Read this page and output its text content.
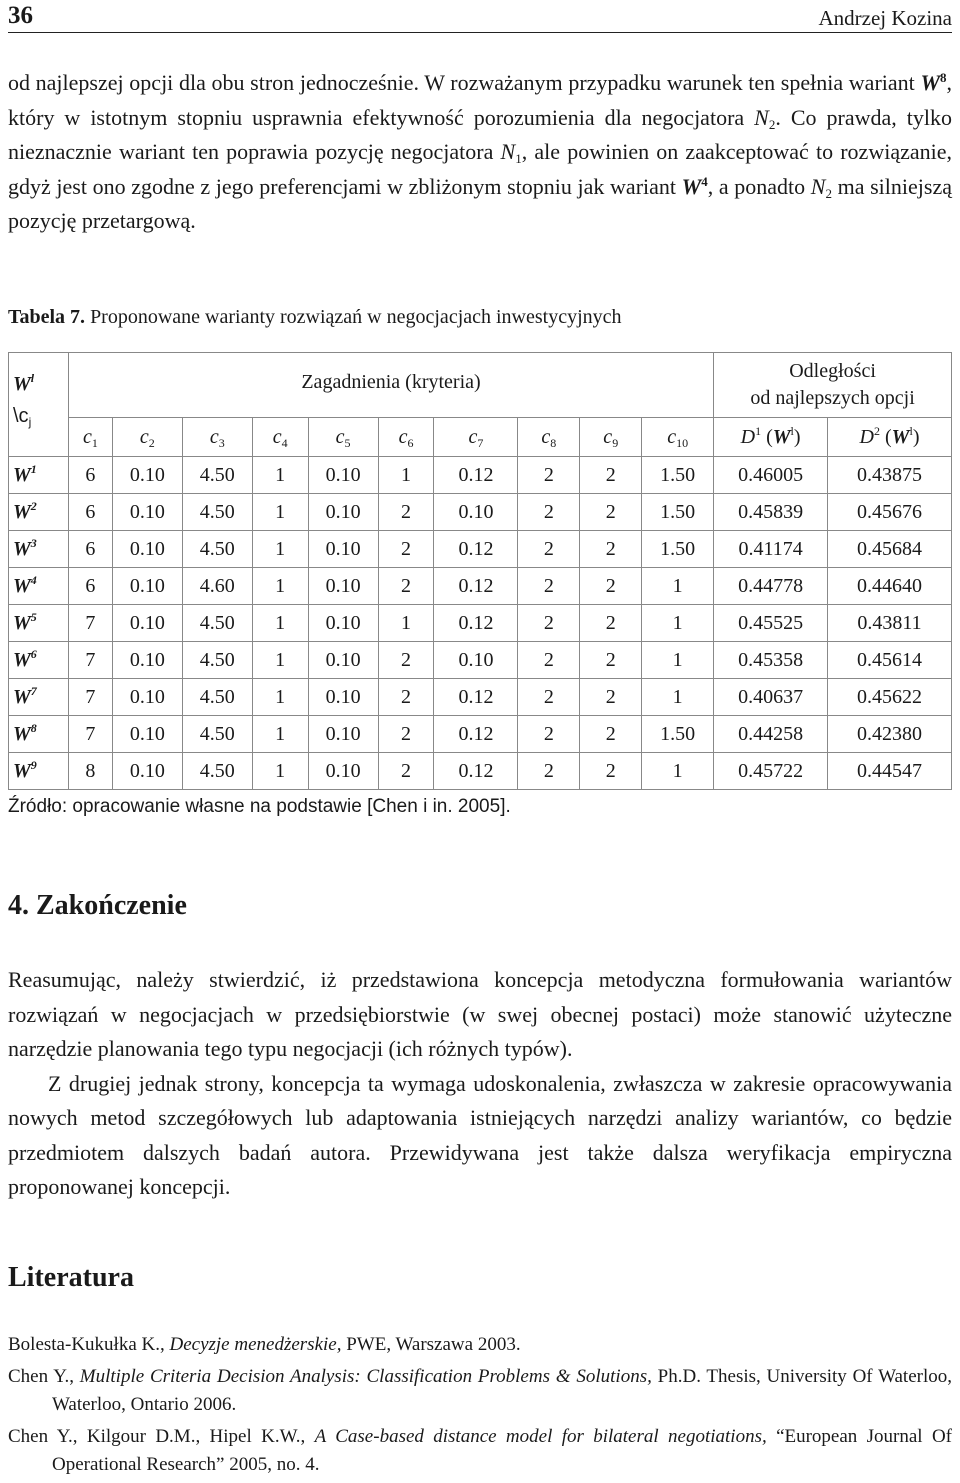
36	Andrzej Kozina

od najlepszej opcji dla obu stron jednocześnie. W rozważanym przypadku warunek ten spełnia wariant $W^8$, który w istotnym stopniu usprawnia efektywność porozumienia dla negocjatora $N_2$. Co prawda, tylko nieznacznie wariant ten poprawia pozycję negocjatora $N_1$, ale powinien on zaakceptować to rozwiązanie, gdyż jest ono zgodne z jego preferencjami w zbliżonym stopniu jak wariant $W^4$, a ponadto $N_2$ ma silniejszą pozycję przetargową.

Tabela 7. Proponowane warianty rozwiązań w negocjacjach inwestycyjnych
$W^l$
$\backslash c_j$	Zagadnienia (kryteria)										Odległości
od najlepszych opcji	
	$c_1$	$c_2$	$c_3$	$c_4$	$c_5$	$c_6$	$c_7$	$c_8$	$c_9$	$c_{10}$	$D^1$ $(W^l)$	$D^2$ $(W^l)$
$W^1$	6	0.10	4.50	1	0.10	1	0.12	2	2	1.50	0.46005	0.43875
$W^2$	6	0.10	4.50	1	0.10	2	0.10	2	2	1.50	0.45839	0.45676
$W^3$	6	0.10	4.50	1	0.10	2	0.12	2	2	1.50	0.41174	0.45684
$W^4$	6	0.10	4.60	1	0.10	2	0.12	2	2	1	0.44778	0.44640
$W^5$	7	0.10	4.50	1	0.10	1	0.12	2	2	1	0.45525	0.43811
$W^6$	7	0.10	4.50	1	0.10	2	0.10	2	2	1	0.45358	0.45614
$W^7$	7	0.10	4.50	1	0.10	2	0.12	2	2	1	0.40637	0.45622
$W^8$	7	0.10	4.50	1	0.10	2	0.12	2	2	1.50	0.44258	0.42380
$W^9$	8	0.10	4.50	1	0.10	2	0.12	2	2	1	0.45722	0.44547
Źródło: opracowanie własne na podstawie [Chen i in. 2005].
4. Zakończenie

Reasumując, należy stwierdzić, iż przedstawiona koncepcja metodyczna formułowania wariantów rozwiązań w negocjacjach w przedsiębiorstwie (w swej obecnej postaci) może stanowić użyteczne narzędzie planowania tego typu negocjacji (ich różnych typów).

Z drugiej jednak strony, koncepcja ta wymaga udoskonalenia, zwłaszcza w zakresie opracowywania nowych metod szczegółowych lub adaptowania istniejących narzędzi analizy wariantów, co będzie przedmiotem dalszych badań autora. Przewidywana jest także dalsza weryfikacja empiryczna proponowanej koncepcji.

Literatura

Bolesta-Kukułka K., Decyzje menedżerskie, PWE, Warszawa 2003.

Chen Y., Multiple Criteria Decision Analysis: Classification Problems & Solutions, Ph.D. Thesis, University Of Waterloo, Waterloo, Ontario 2006.

Chen Y., Kilgour D.M., Hipel K.W., A Case-based distance model for bilateral negotiations, “European Journal Of Operational Research” 2005, no. 4.
